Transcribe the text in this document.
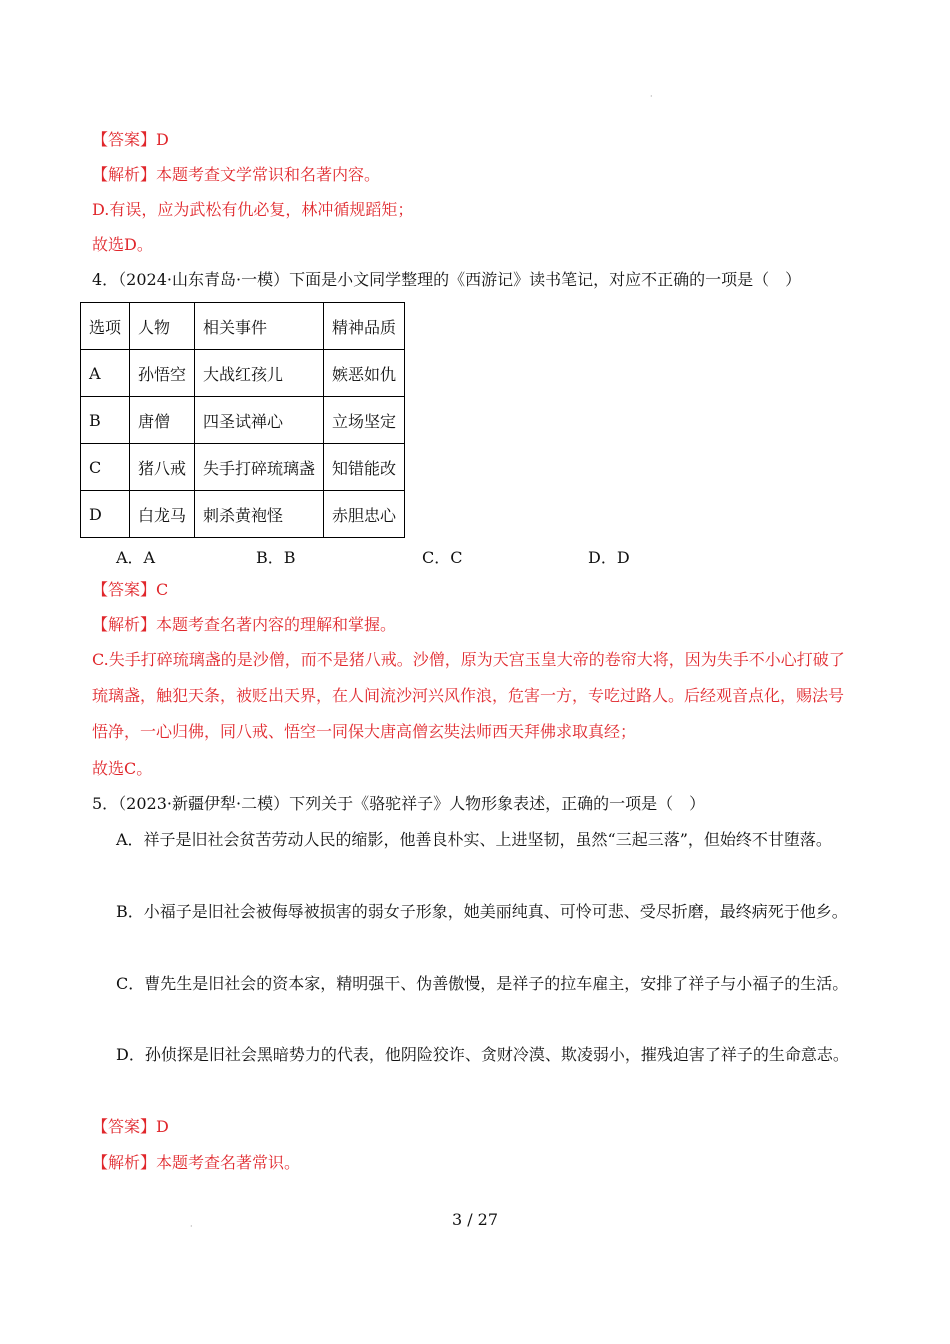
·
【答案】D
【解析】本题考查文学常识和名著内容。
D.有误，应为武松有仇必复，林冲循规蹈矩；
故选D。
4．（2024·山东青岛·一模）下面是小文同学整理的《西游记》读书笔记，对应不正确的一项是（　）
选项	人物	相关事件	精神品质
A	孙悟空	大战红孩儿	嫉恶如仇
B	唐僧	四圣试禅心	立场坚定
C	猪八戒	失手打碎琉璃盏	知错能改
D	白龙马	刺杀黄袍怪	赤胆忠心
A．A	B．B	C．C	D．D
【答案】C
【解析】本题考查名著内容的理解和掌握。
C.失手打碎琉璃盏的是沙僧，而不是猪八戒。沙僧，原为天宫玉皇大帝的卷帘大将，因为失手不小心打破了琉璃盏，触犯天条，被贬出天界，在人间流沙河兴风作浪，危害一方，专吃过路人。后经观音点化，赐法号悟净，一心归佛，同八戒、悟空一同保大唐高僧玄奘法师西天拜佛求取真经；
故选C。
5．（2023·新疆伊犁·二模）下列关于《骆驼祥子》人物形象表述，正确的一项是（　）
A．祥子是旧社会贫苦劳动人民的缩影，他善良朴实、上进坚韧，虽然“三起三落”，但始终不甘堕落。
B．小福子是旧社会被侮辱被损害的弱女子形象，她美丽纯真、可怜可悲、受尽折磨，最终病死于他乡。
C．曹先生是旧社会的资本家，精明强干、伪善傲慢，是祥子的拉车雇主，安排了祥子与小福子的生活。
D．孙侦探是旧社会黑暗势力的代表，他阴险狡诈、贪财冷漠、欺凌弱小，摧残迫害了祥子的生命意志。
【答案】D
【解析】本题考查名著常识。
3 / 27
·
